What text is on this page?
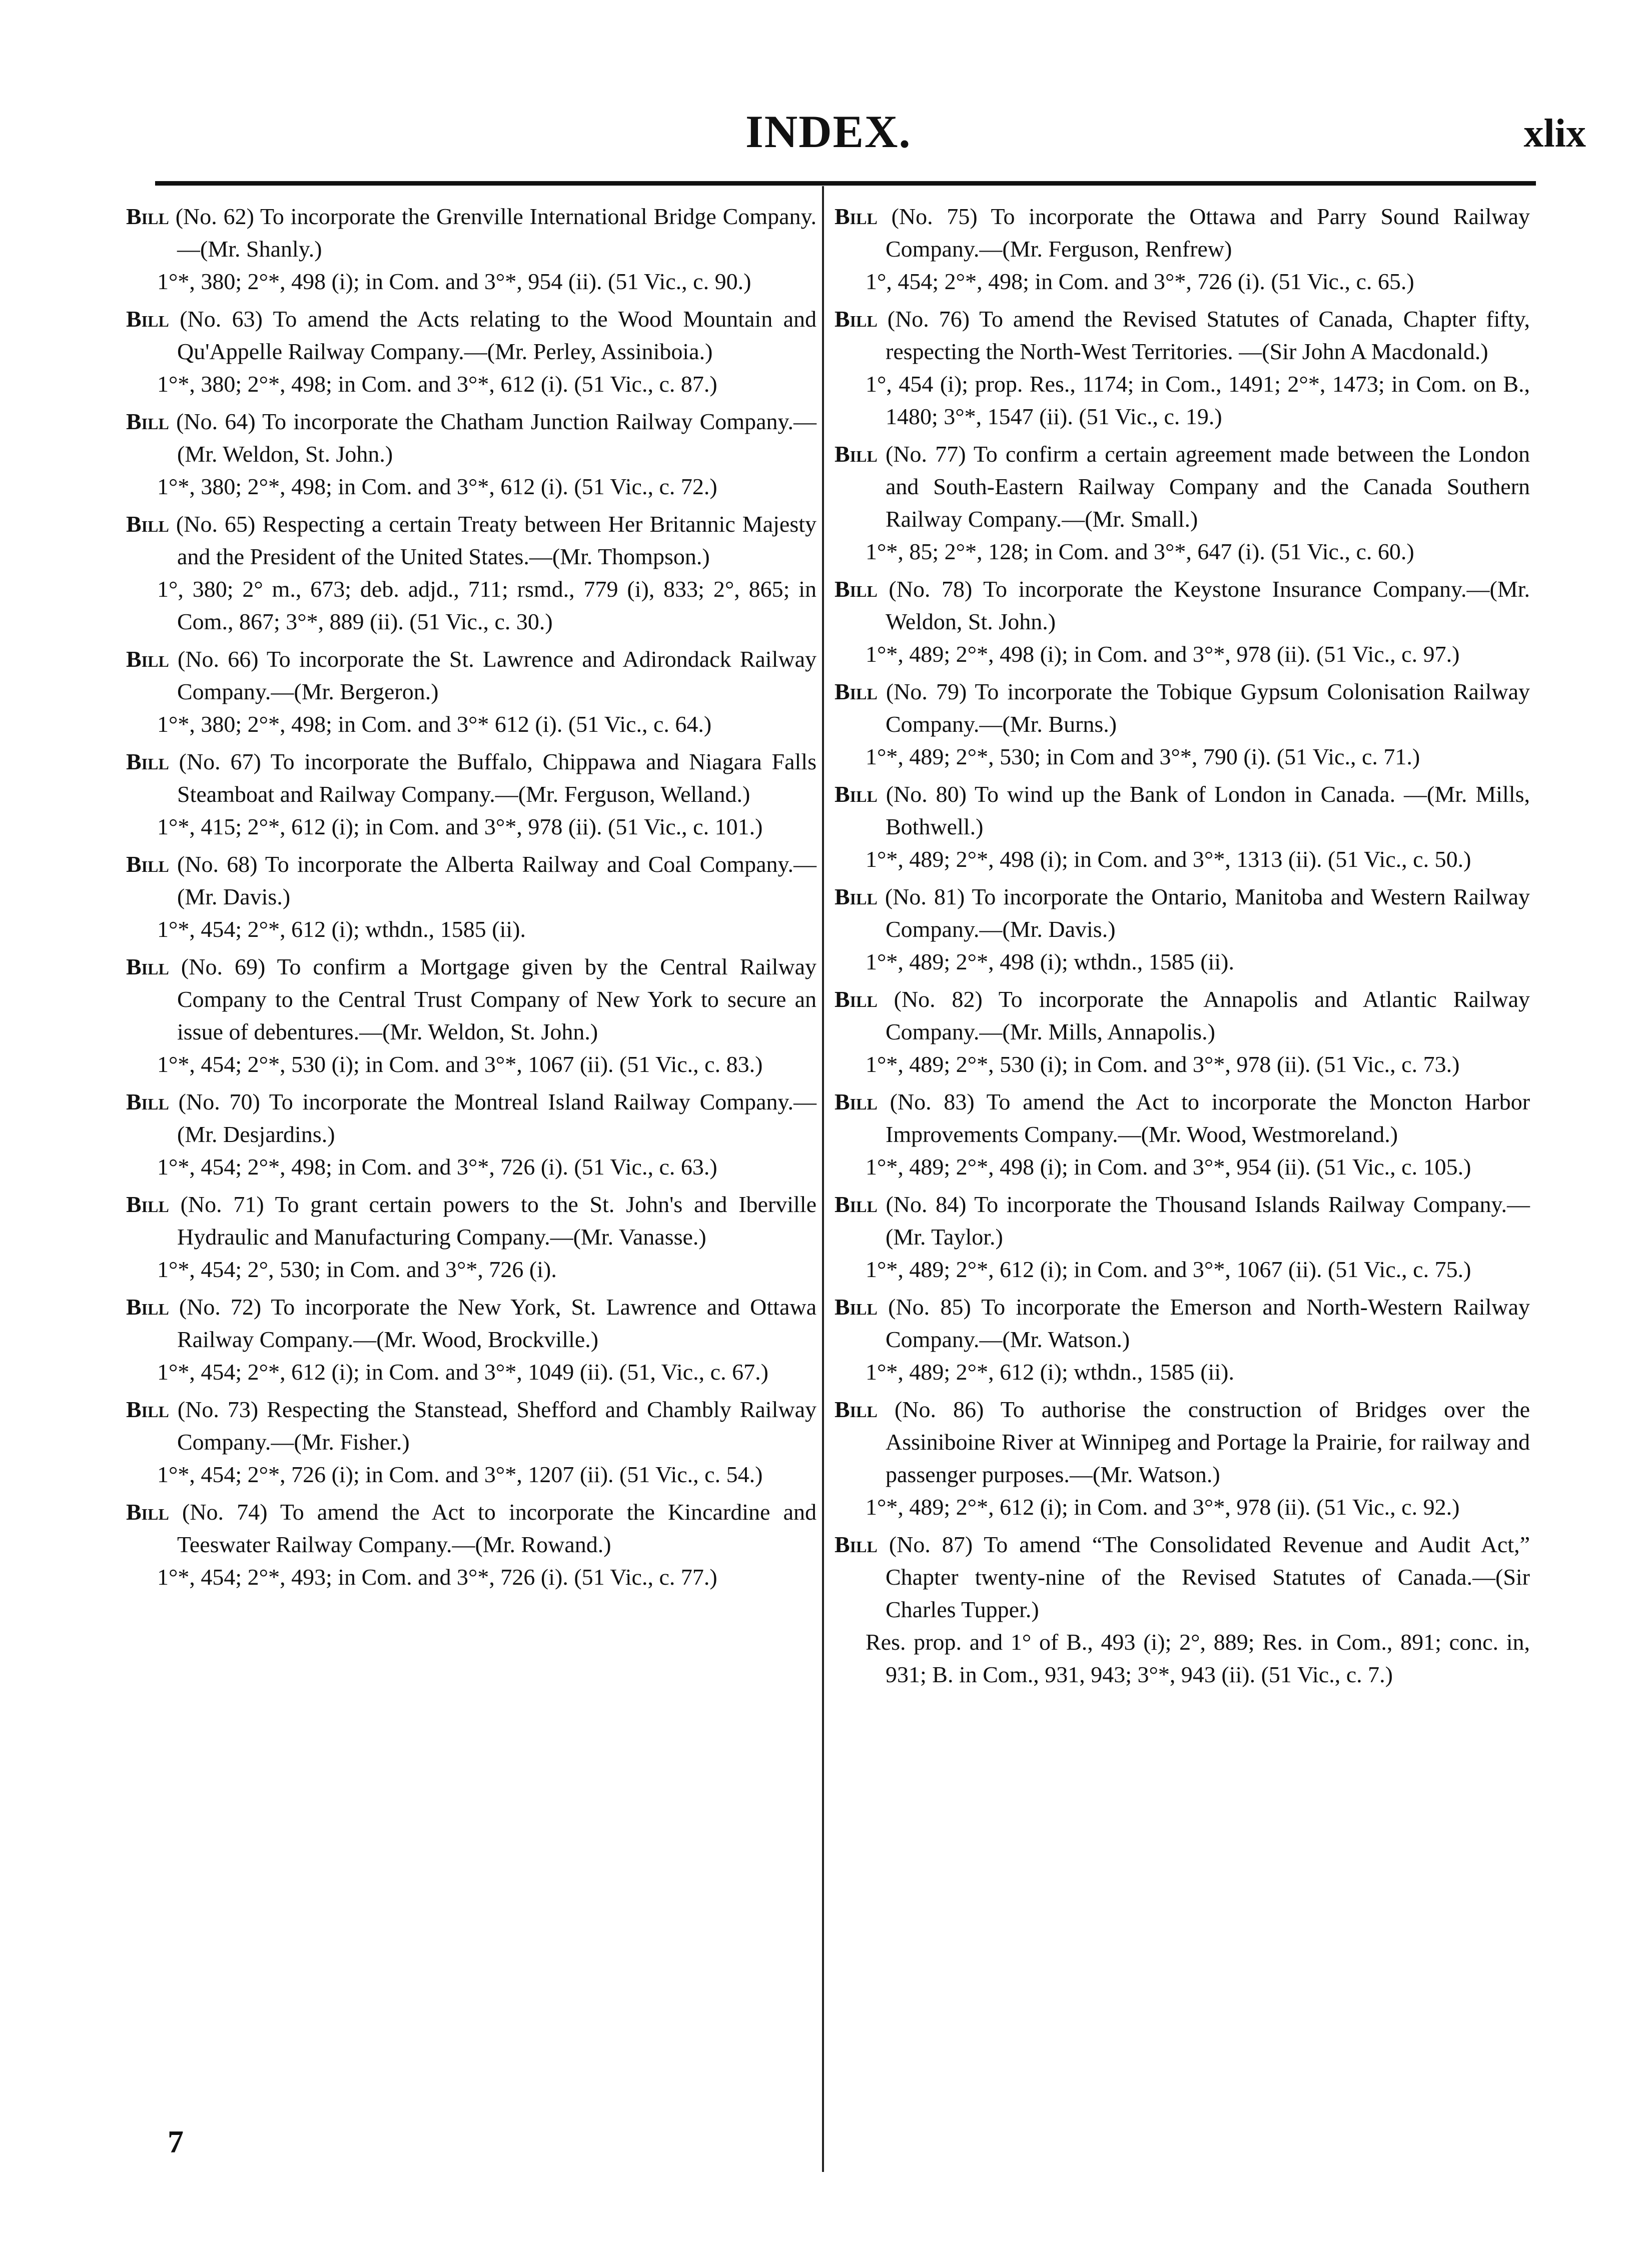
INDEX.	xlix
Bill (No. 62) To incorporate the Grenville International Bridge Company.—(Mr. Shanly.)
1°*, 380; 2°*, 498 (i); in Com. and 3°*, 954 (ii). (51 Vic., c. 90.)
Bill (No. 63) To amend the Acts relating to the Wood Mountain and Qu'Appelle Railway Company.—(Mr. Perley, Assiniboia.)
1°*, 380; 2°*, 498; in Com. and 3°*, 612 (i). (51 Vic., c. 87.)
Bill (No. 64) To incorporate the Chatham Junction Railway Company.—(Mr. Weldon, St. John.)
1°*, 380; 2°*, 498; in Com. and 3°*, 612 (i). (51 Vic., c. 72.)
Bill (No. 65) Respecting a certain Treaty between Her Britannic Majesty and the President of the United States.—(Mr. Thompson.)
1°, 380; 2° m., 673; deb. adjd., 711; rsmd., 779 (i), 833; 2°, 865; in Com., 867; 3°*, 889 (ii). (51 Vic., c. 30.)
Bill (No. 66) To incorporate the St. Lawrence and Adirondack Railway Company.—(Mr. Bergeron.)
1°*, 380; 2°*, 498; in Com. and 3°* 612 (i). (51 Vic., c. 64.)
Bill (No. 67) To incorporate the Buffalo, Chippawa and Niagara Falls Steamboat and Railway Company.—(Mr. Ferguson, Welland.)
1°*, 415; 2°*, 612 (i); in Com. and 3°*, 978 (ii). (51 Vic., c. 101.)
Bill (No. 68) To incorporate the Alberta Railway and Coal Company.—(Mr. Davis.)
1°*, 454; 2°*, 612 (i); wthdn., 1585 (ii).
Bill (No. 69) To confirm a Mortgage given by the Central Railway Company to the Central Trust Company of New York to secure an issue of debentures.—(Mr. Weldon, St. John.)
1°*, 454; 2°*, 530 (i); in Com. and 3°*, 1067 (ii). (51 Vic., c. 83.)
Bill (No. 70) To incorporate the Montreal Island Railway Company.—(Mr. Desjardins.)
1°*, 454; 2°*, 498; in Com. and 3°*, 726 (i). (51 Vic., c. 63.)
Bill (No. 71) To grant certain powers to the St. John's and Iberville Hydraulic and Manufacturing Company.—(Mr. Vanasse.)
1°*, 454; 2°, 530; in Com. and 3°*, 726 (i).
Bill (No. 72) To incorporate the New York, St. Lawrence and Ottawa Railway Company.—(Mr. Wood, Brockville.)
1°*, 454; 2°*, 612 (i); in Com. and 3°*, 1049 (ii). (51, Vic., c. 67.)
Bill (No. 73) Respecting the Stanstead, Shefford and Chambly Railway Company.—(Mr. Fisher.)
1°*, 454; 2°*, 726 (i); in Com. and 3°*, 1207 (ii). (51 Vic., c. 54.)
Bill (No. 74) To amend the Act to incorporate the Kincardine and Teeswater Railway Company.—(Mr. Rowand.)
1°*, 454; 2°*, 493; in Com. and 3°*, 726 (i). (51 Vic., c. 77.)
Bill (No. 75) To incorporate the Ottawa and Parry Sound Railway Company.—(Mr. Ferguson, Renfrew)
1°, 454; 2°*, 498; in Com. and 3°*, 726 (i). (51 Vic., c. 65.)
Bill (No. 76) To amend the Revised Statutes of Canada, Chapter fifty, respecting the North-West Territories. —(Sir John A Macdonald.)
1°, 454 (i); prop. Res., 1174; in Com., 1491; 2°*, 1473; in Com. on B., 1480; 3°*, 1547 (ii). (51 Vic., c. 19.)
Bill (No. 77) To confirm a certain agreement made between the London and South-Eastern Railway Company and the Canada Southern Railway Company.—(Mr. Small.)
1°*, 85; 2°*, 128; in Com. and 3°*, 647 (i). (51 Vic., c. 60.)
Bill (No. 78) To incorporate the Keystone Insurance Company.—(Mr. Weldon, St. John.)
1°*, 489; 2°*, 498 (i); in Com. and 3°*, 978 (ii). (51 Vic., c. 97.)
Bill (No. 79) To incorporate the Tobique Gypsum Colonisation Railway Company.—(Mr. Burns.)
1°*, 489; 2°*, 530; in Com and 3°*, 790 (i). (51 Vic., c. 71.)
Bill (No. 80) To wind up the Bank of London in Canada. —(Mr. Mills, Bothwell.)
1°*, 489; 2°*, 498 (i); in Com. and 3°*, 1313 (ii). (51 Vic., c. 50.)
Bill (No. 81) To incorporate the Ontario, Manitoba and Western Railway Company.—(Mr. Davis.)
1°*, 489; 2°*, 498 (i); wthdn., 1585 (ii).
Bill (No. 82) To incorporate the Annapolis and Atlantic Railway Company.—(Mr. Mills, Annapolis.)
1°*, 489; 2°*, 530 (i); in Com. and 3°*, 978 (ii). (51 Vic., c. 73.)
Bill (No. 83) To amend the Act to incorporate the Moncton Harbor Improvements Company.—(Mr. Wood, Westmoreland.)
1°*, 489; 2°*, 498 (i); in Com. and 3°*, 954 (ii). (51 Vic., c. 105.)
Bill (No. 84) To incorporate the Thousand Islands Railway Company.—(Mr. Taylor.)
1°*, 489; 2°*, 612 (i); in Com. and 3°*, 1067 (ii). (51 Vic., c. 75.)
Bill (No. 85) To incorporate the Emerson and North-Western Railway Company.—(Mr. Watson.)
1°*, 489; 2°*, 612 (i); wthdn., 1585 (ii).
Bill (No. 86) To authorise the construction of Bridges over the Assiniboine River at Winnipeg and Portage la Prairie, for railway and passenger purposes.—(Mr. Watson.)
1°*, 489; 2°*, 612 (i); in Com. and 3°*, 978 (ii). (51 Vic., c. 92.)
Bill (No. 87) To amend “The Consolidated Revenue and Audit Act,” Chapter twenty-nine of the Revised Statutes of Canada.—(Sir Charles Tupper.)
Res. prop. and 1° of B., 493 (i); 2°, 889; Res. in Com., 891; conc. in, 931; B. in Com., 931, 943; 3°*, 943 (ii). (51 Vic., c. 7.)
7
